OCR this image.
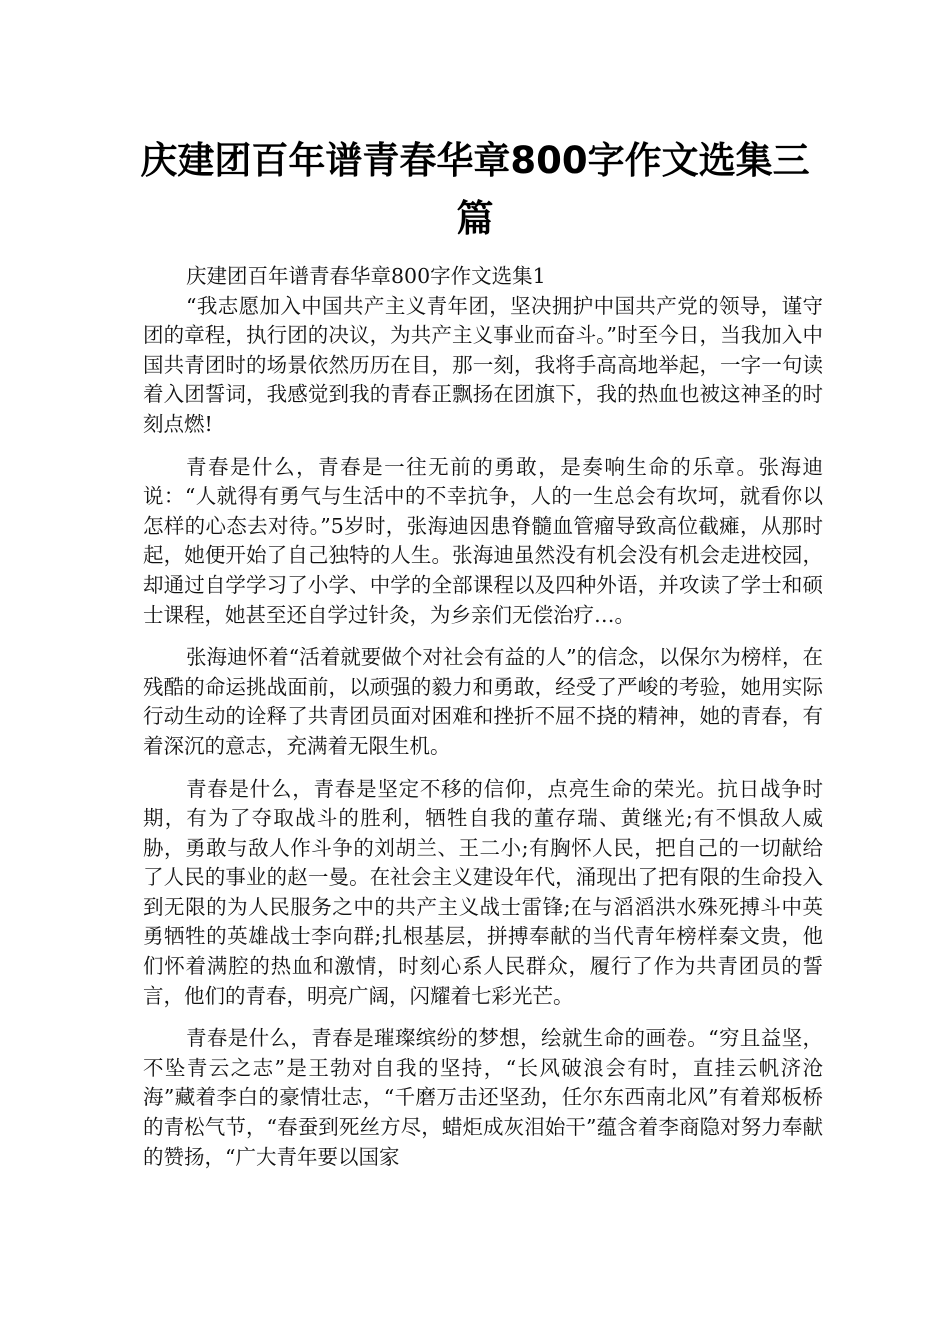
庆建团百年谱青春华章800字作文选集三篇

庆建团百年谱青春华章800字作文选集1

“我志愿加入中国共产主义青年团，坚决拥护中国共产党的领导，谨守团的章程，执行团的决议，为共产主义事业而奋斗。”时至今日，当我加入中国共青团时的场景依然历历在目，那一刻，我将手高高地举起，一字一句读着入团誓词，我感觉到我的青春正飘扬在团旗下，我的热血也被这神圣的时刻点燃!

青春是什么，青春是一往无前的勇敢，是奏响生命的乐章。张海迪说：“人就得有勇气与生活中的不幸抗争，人的一生总会有坎坷，就看你以怎样的心态去对待。”5岁时，张海迪因患脊髓血管瘤导致高位截瘫，从那时起，她便开始了自己独特的人生。张海迪虽然没有机会没有机会走进校园，却通过自学学习了小学、中学的全部课程以及四种外语，并攻读了学士和硕士课程，她甚至还自学过针灸，为乡亲们无偿治疗…。

张海迪怀着“活着就要做个对社会有益的人”的信念，以保尔为榜样，在残酷的命运挑战面前，以顽强的毅力和勇敢，经受了严峻的考验，她用实际行动生动的诠释了共青团员面对困难和挫折不屈不挠的精神，她的青春，有着深沉的意志，充满着无限生机。

青春是什么，青春是坚定不移的信仰，点亮生命的荣光。抗日战争时期，有为了夺取战斗的胜利，牺牲自我的董存瑞、黄继光;有不惧敌人威胁，勇敢与敌人作斗争的刘胡兰、王二小;有胸怀人民，把自己的一切献给了人民的事业的赵一曼。在社会主义建设年代，涌现出了把有限的生命投入到无限的为人民服务之中的共产主义战士雷锋;在与滔滔洪水殊死搏斗中英勇牺牲的英雄战士李向群;扎根基层，拼搏奉献的当代青年榜样秦文贵，他们怀着满腔的热血和激情，时刻心系人民群众，履行了作为共青团员的誓言，他们的青春，明亮广阔，闪耀着七彩光芒。

青春是什么，青春是璀璨缤纷的梦想，绘就生命的画卷。“穷且益坚，不坠青云之志”是王勃对自我的坚持，“长风破浪会有时，直挂云帆济沧海”藏着李白的豪情壮志，“千磨万击还坚劲，任尔东西南北风”有着郑板桥的青松气节，“春蚕到死丝方尽，蜡炬成灰泪始干”蕴含着李商隐对努力奉献的赞扬，“广大青年要以国家
